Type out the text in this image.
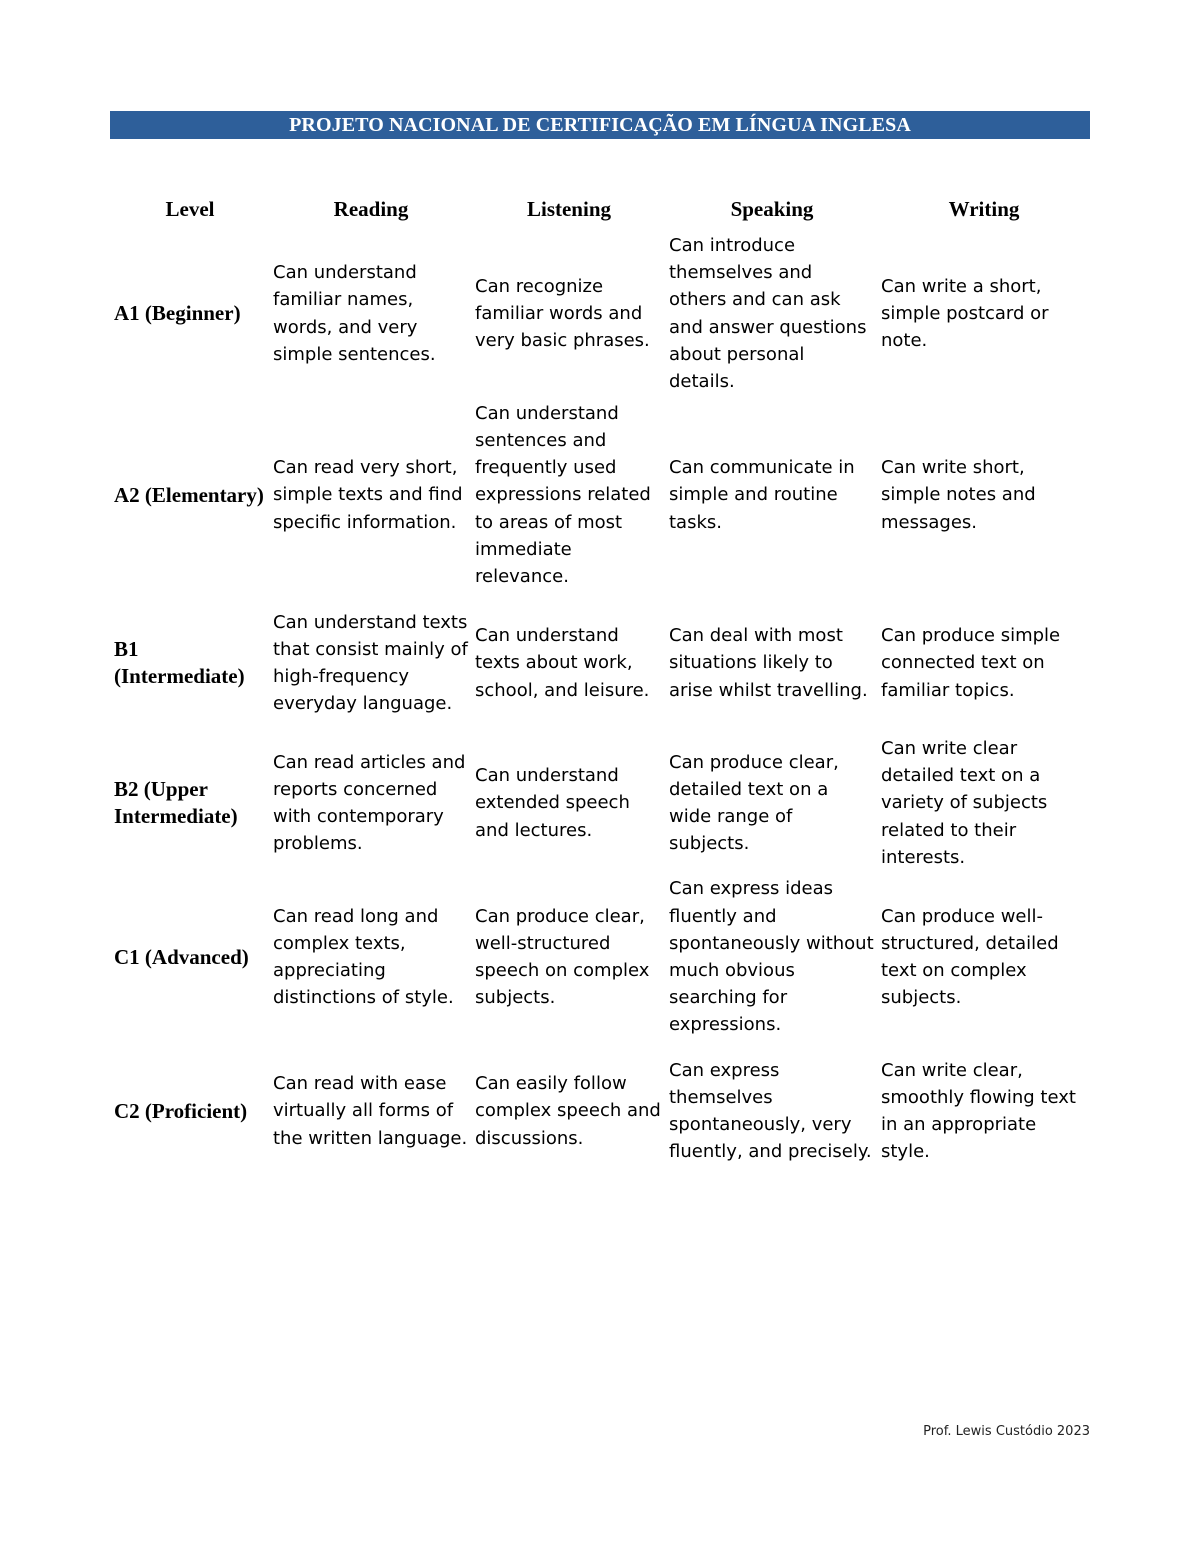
PROJETO NACIONAL DE CERTIFICAÇÃO EM LÍNGUA INGLESA
Level	Reading	Listening	Speaking	Writing
A1 (Beginner)	Can understand familiar names, words, and very simple sentences.	Can recognize familiar words and very basic phrases.	Can introduce themselves and others and can ask and answer questions about personal details.	Can write a short, simple postcard or note.
A2 (Elementary)	Can read very short, simple texts and find specific information.	Can understand sentences and frequently used expressions related to areas of most immediate relevance.	Can communicate in simple and routine tasks.	Can write short, simple notes and messages.
B1 (Intermediate)	Can understand texts that consist mainly of high-frequency everyday language.	Can understand texts about work, school, and leisure.	Can deal with most situations likely to arise whilst travelling.	Can produce simple connected text on familiar topics.
B2 (Upper Intermediate)	Can read articles and reports concerned with contemporary problems.	Can understand extended speech and lectures.	Can produce clear, detailed text on a wide range of subjects.	Can write clear detailed text on a variety of subjects related to their interests.
C1 (Advanced)	Can read long and complex texts, appreciating distinctions of style.	Can produce clear, well-structured speech on complex subjects.	Can express ideas fluently and spontaneously without much obvious searching for expressions.	Can produce well-structured, detailed text on complex subjects.
C2 (Proficient)	Can read with ease virtually all forms of the written language.	Can easily follow complex speech and discussions.	Can express themselves spontaneously, very fluently, and precisely.	Can write clear, smoothly flowing text in an appropriate style.
Prof. Lewis Custódio 2023
